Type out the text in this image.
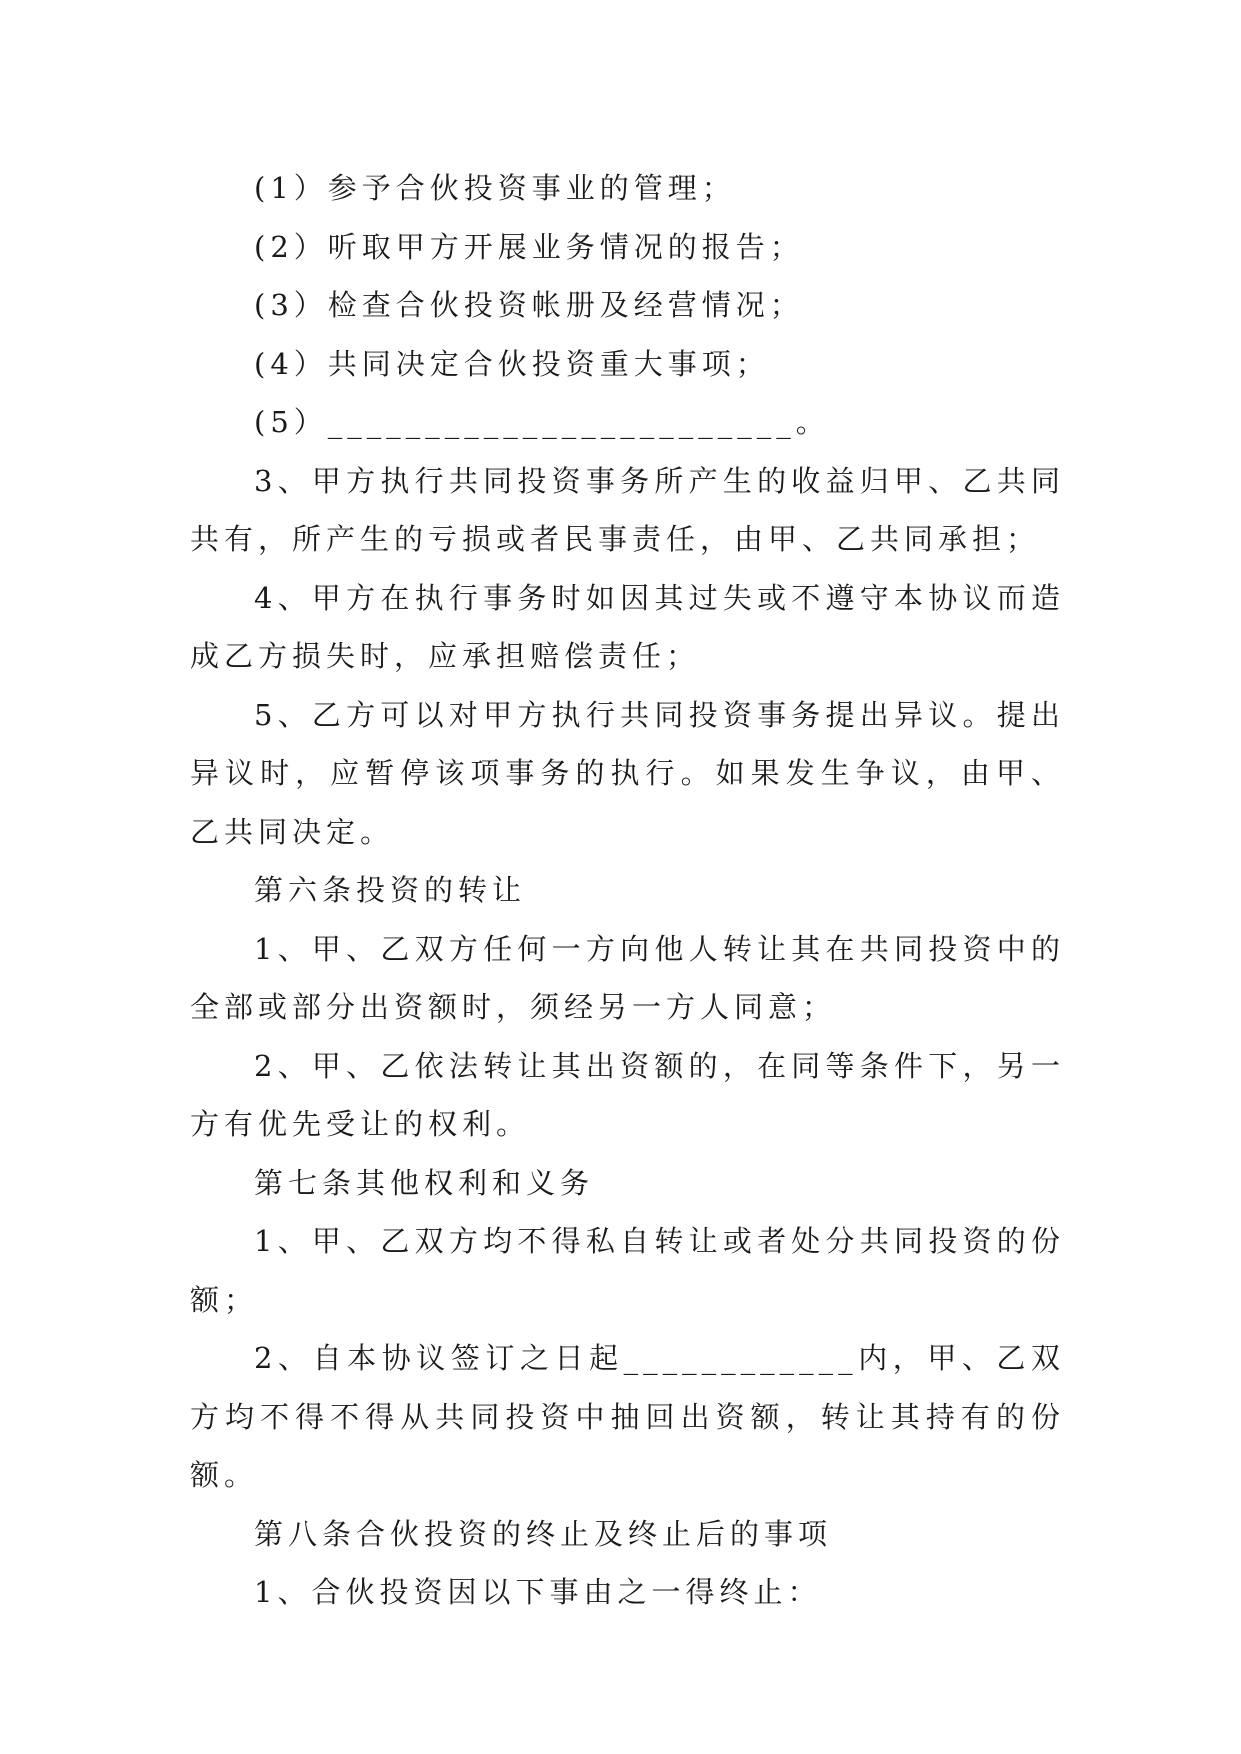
(1）参予合伙投资事业的管理；

(2）听取甲方开展业务情况的报告；

(3）检查合伙投资帐册及经营情况；

(4）共同决定合伙投资重大事项；

(5）________________________。

3、甲方执行共同投资事务所产生的收益归甲、乙共同共有，所产生的亏损或者民事责任，由甲、乙共同承担；

4、甲方在执行事务时如因其过失或不遵守本协议而造成乙方损失时，应承担赔偿责任；

5、乙方可以对甲方执行共同投资事务提出异议。提出异议时，应暂停该项事务的执行。如果发生争议，由甲、乙共同决定。

第六条投资的转让

1、甲、乙双方任何一方向他人转让其在共同投资中的全部或部分出资额时，须经另一方人同意；

2、甲、乙依法转让其出资额的，在同等条件下，另一方有优先受让的权利。

第七条其他权利和义务

1、甲、乙双方均不得私自转让或者处分共同投资的份额；

2、自本协议签订之日起____________内，甲、乙双方均不得不得从共同投资中抽回出资额，转让其持有的份额。

第八条合伙投资的终止及终止后的事项

1、合伙投资因以下事由之一得终止：
